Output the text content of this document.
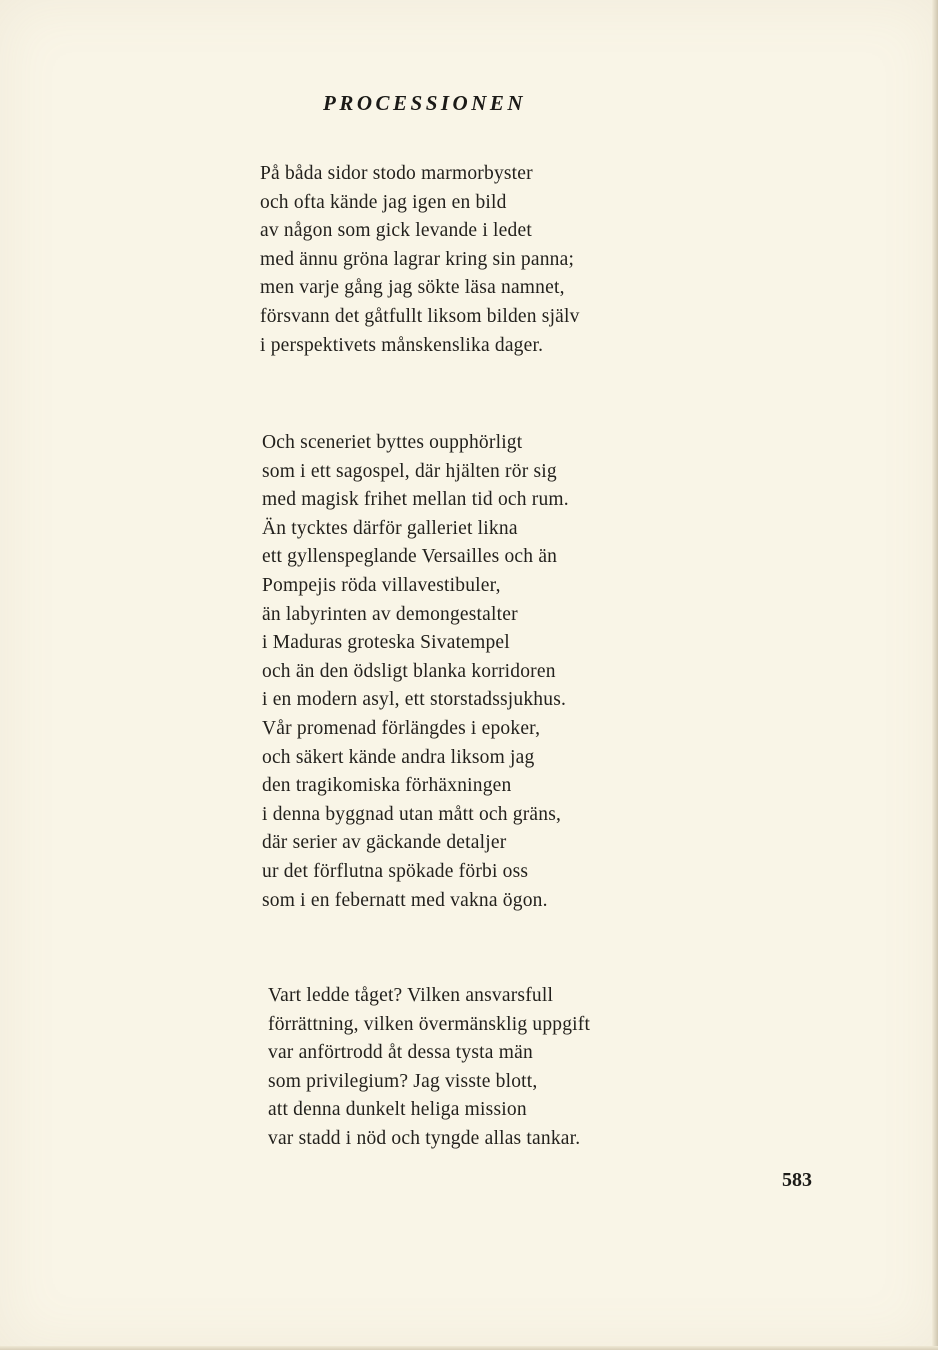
PROCESSIONEN
På båda sidor stodo marmorbyster
och ofta kände jag igen en bild
av någon som gick levande i ledet
med ännu gröna lagrar kring sin panna;
men varje gång jag sökte läsa namnet,
försvann det gåtfullt liksom bilden själv
i perspektivets månskenslika dager.
Och sceneriet byttes oupphörligt
som i ett sagospel, där hjälten rör sig
med magisk frihet mellan tid och rum.
Än tycktes därför galleriet likna
ett gyllenspeglande Versailles och än
Pompejis röda villavestibuler,
än labyrinten av demongestalter
i Maduras groteska Sivatempel
och än den ödsligt blanka korridoren
i en modern asyl, ett storstadssjukhus.
Vår promenad förlängdes i epoker,
och säkert kände andra liksom jag
den tragikomiska förhäxningen
i denna byggnad utan mått och gräns,
där serier av gäckande detaljer
ur det förflutna spökade förbi oss
som i en febernatt med vakna ögon.
Vart ledde tåget? Vilken ansvarsfull
förrättning, vilken övermänsklig uppgift
var anförtrodd åt dessa tysta män
som privilegium? Jag visste blott,
att denna dunkelt heliga mission
var stadd i nöd och tyngde allas tankar.
583
